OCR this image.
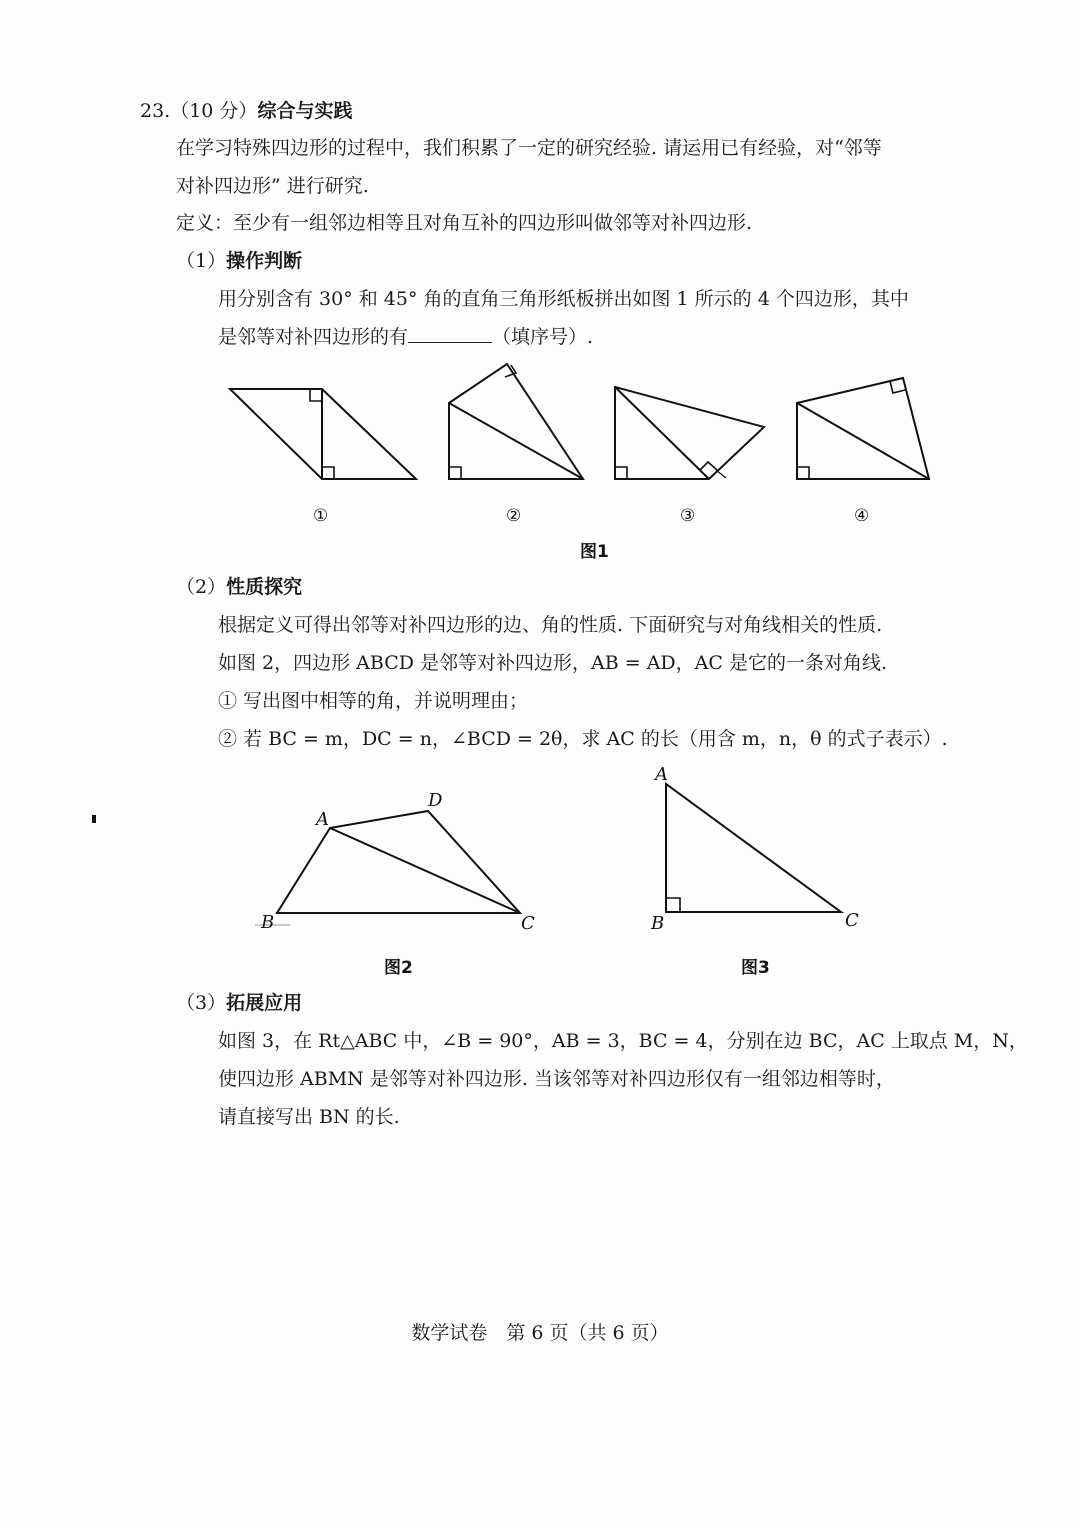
23.（10 分）综合与实践
在学习特殊四边形的过程中，我们积累了一定的研究经验. 请运用已有经验，对“邻等
对补四边形” 进行研究.
定义：至少有一组邻边相等且对角互补的四边形叫做邻等对补四边形.
（1）操作判断
用分别含有 30° 和 45° 角的直角三角形纸板拼出如图 1 所示的 4 个四边形，其中
是邻等对补四边形的有	（填序号）.
（2）性质探究
根据定义可得出邻等对补四边形的边、角的性质. 下面研究与对角线相关的性质.
如图 2，四边形 ABCD 是邻等对补四边形，AB = AD，AC 是它的一条对角线.
① 写出图中相等的角，并说明理由；
② 若 BC = m，DC = n，∠BCD = 2θ，求 AC 的长（用含 m，n，θ 的式子表示）.
（3）拓展应用
如图 3，在 Rt△ABC 中，∠B = 90°，AB = 3，BC = 4，分别在边 BC，AC 上取点 M，N，
使四边形 ABMN 是邻等对补四边形. 当该邻等对补四边形仅有一组邻边相等时，
请直接写出 BN 的长.
数学试卷　第 6 页（共 6 页）
①	②	③	④
图1
A
B	C
D
图2
A
B	C
图3
